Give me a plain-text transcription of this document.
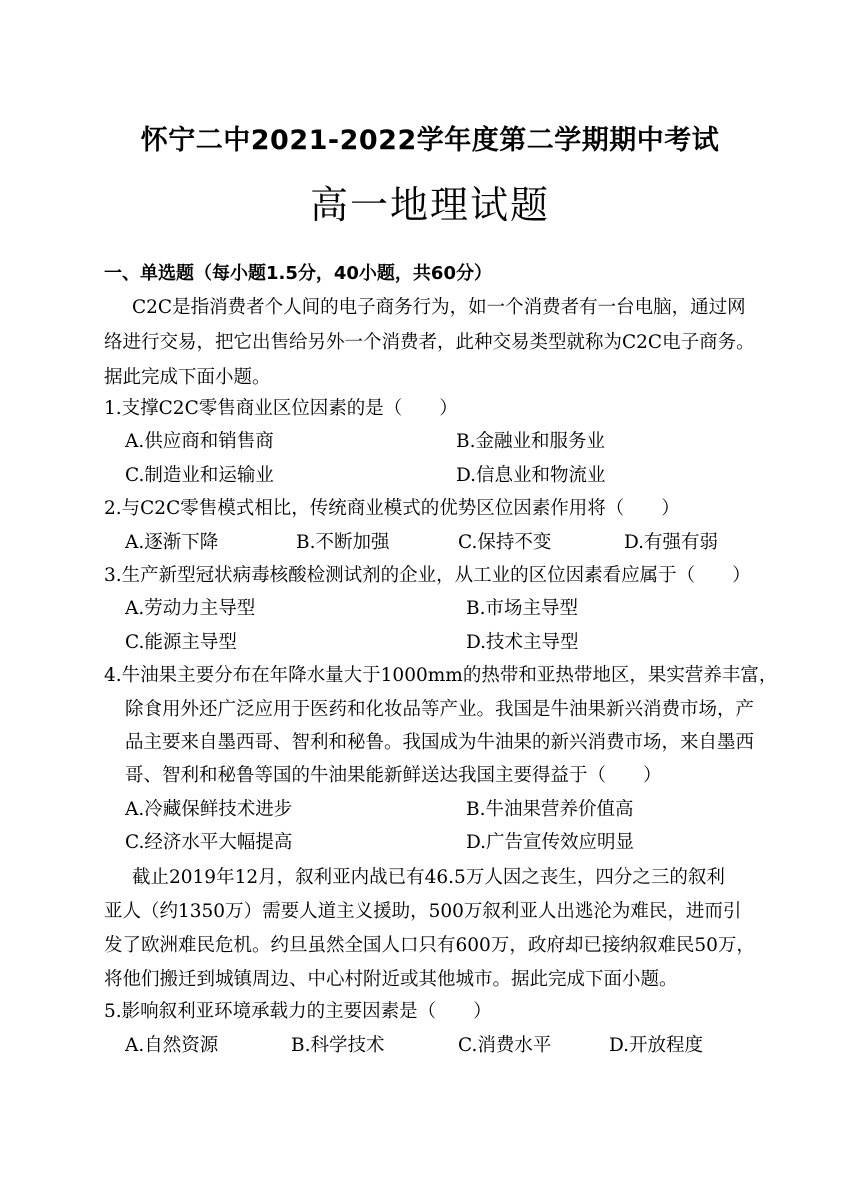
怀宁二中2021-2022学年度第二学期期中考试
高一地理试题
一、单选题（每小题1.5分，40小题，共60分）
C2C是指消费者个人间的电子商务行为，如一个消费者有一台电脑，通过网
络进行交易，把它出售给另外一个消费者，此种交易类型就称为C2C电子商务。
据此完成下面小题。
1.支撑C2C零售商业区位因素的是（　　）
A.供应商和销售商	B.金融业和服务业
C.制造业和运输业	D.信息业和物流业
2.与C2C零售模式相比，传统商业模式的优势区位因素作用将（　　）
A.逐渐下降	B.不断加强	C.保持不变	D.有强有弱
3.生产新型冠状病毒核酸检测试剂的企业，从工业的区位因素看应属于（　　）
A.劳动力主导型	B.市场主导型
C.能源主导型	D.技术主导型
4.牛油果主要分布在年降水量大于1000mm的热带和亚热带地区，果实营养丰富，
除食用外还广泛应用于医药和化妆品等产业。我国是牛油果新兴消费市场，产
品主要来自墨西哥、智利和秘鲁。我国成为牛油果的新兴消费市场，来自墨西
哥、智利和秘鲁等国的牛油果能新鲜送达我国主要得益于（　　）
A.冷藏保鲜技术进步	B.牛油果营养价值高
C.经济水平大幅提高	D.广告宣传效应明显
截止2019年12月，叙利亚内战已有46.5万人因之丧生，四分之三的叙利
亚人（约1350万）需要人道主义援助，500万叙利亚人出逃沦为难民，进而引
发了欧洲难民危机。约旦虽然全国人口只有600万，政府却已接纳叙难民50万，
将他们搬迁到城镇周边、中心村附近或其他城市。据此完成下面小题。
5.影响叙利亚环境承载力的主要因素是（　　）
A.自然资源	B.科学技术	C.消费水平	D.开放程度
